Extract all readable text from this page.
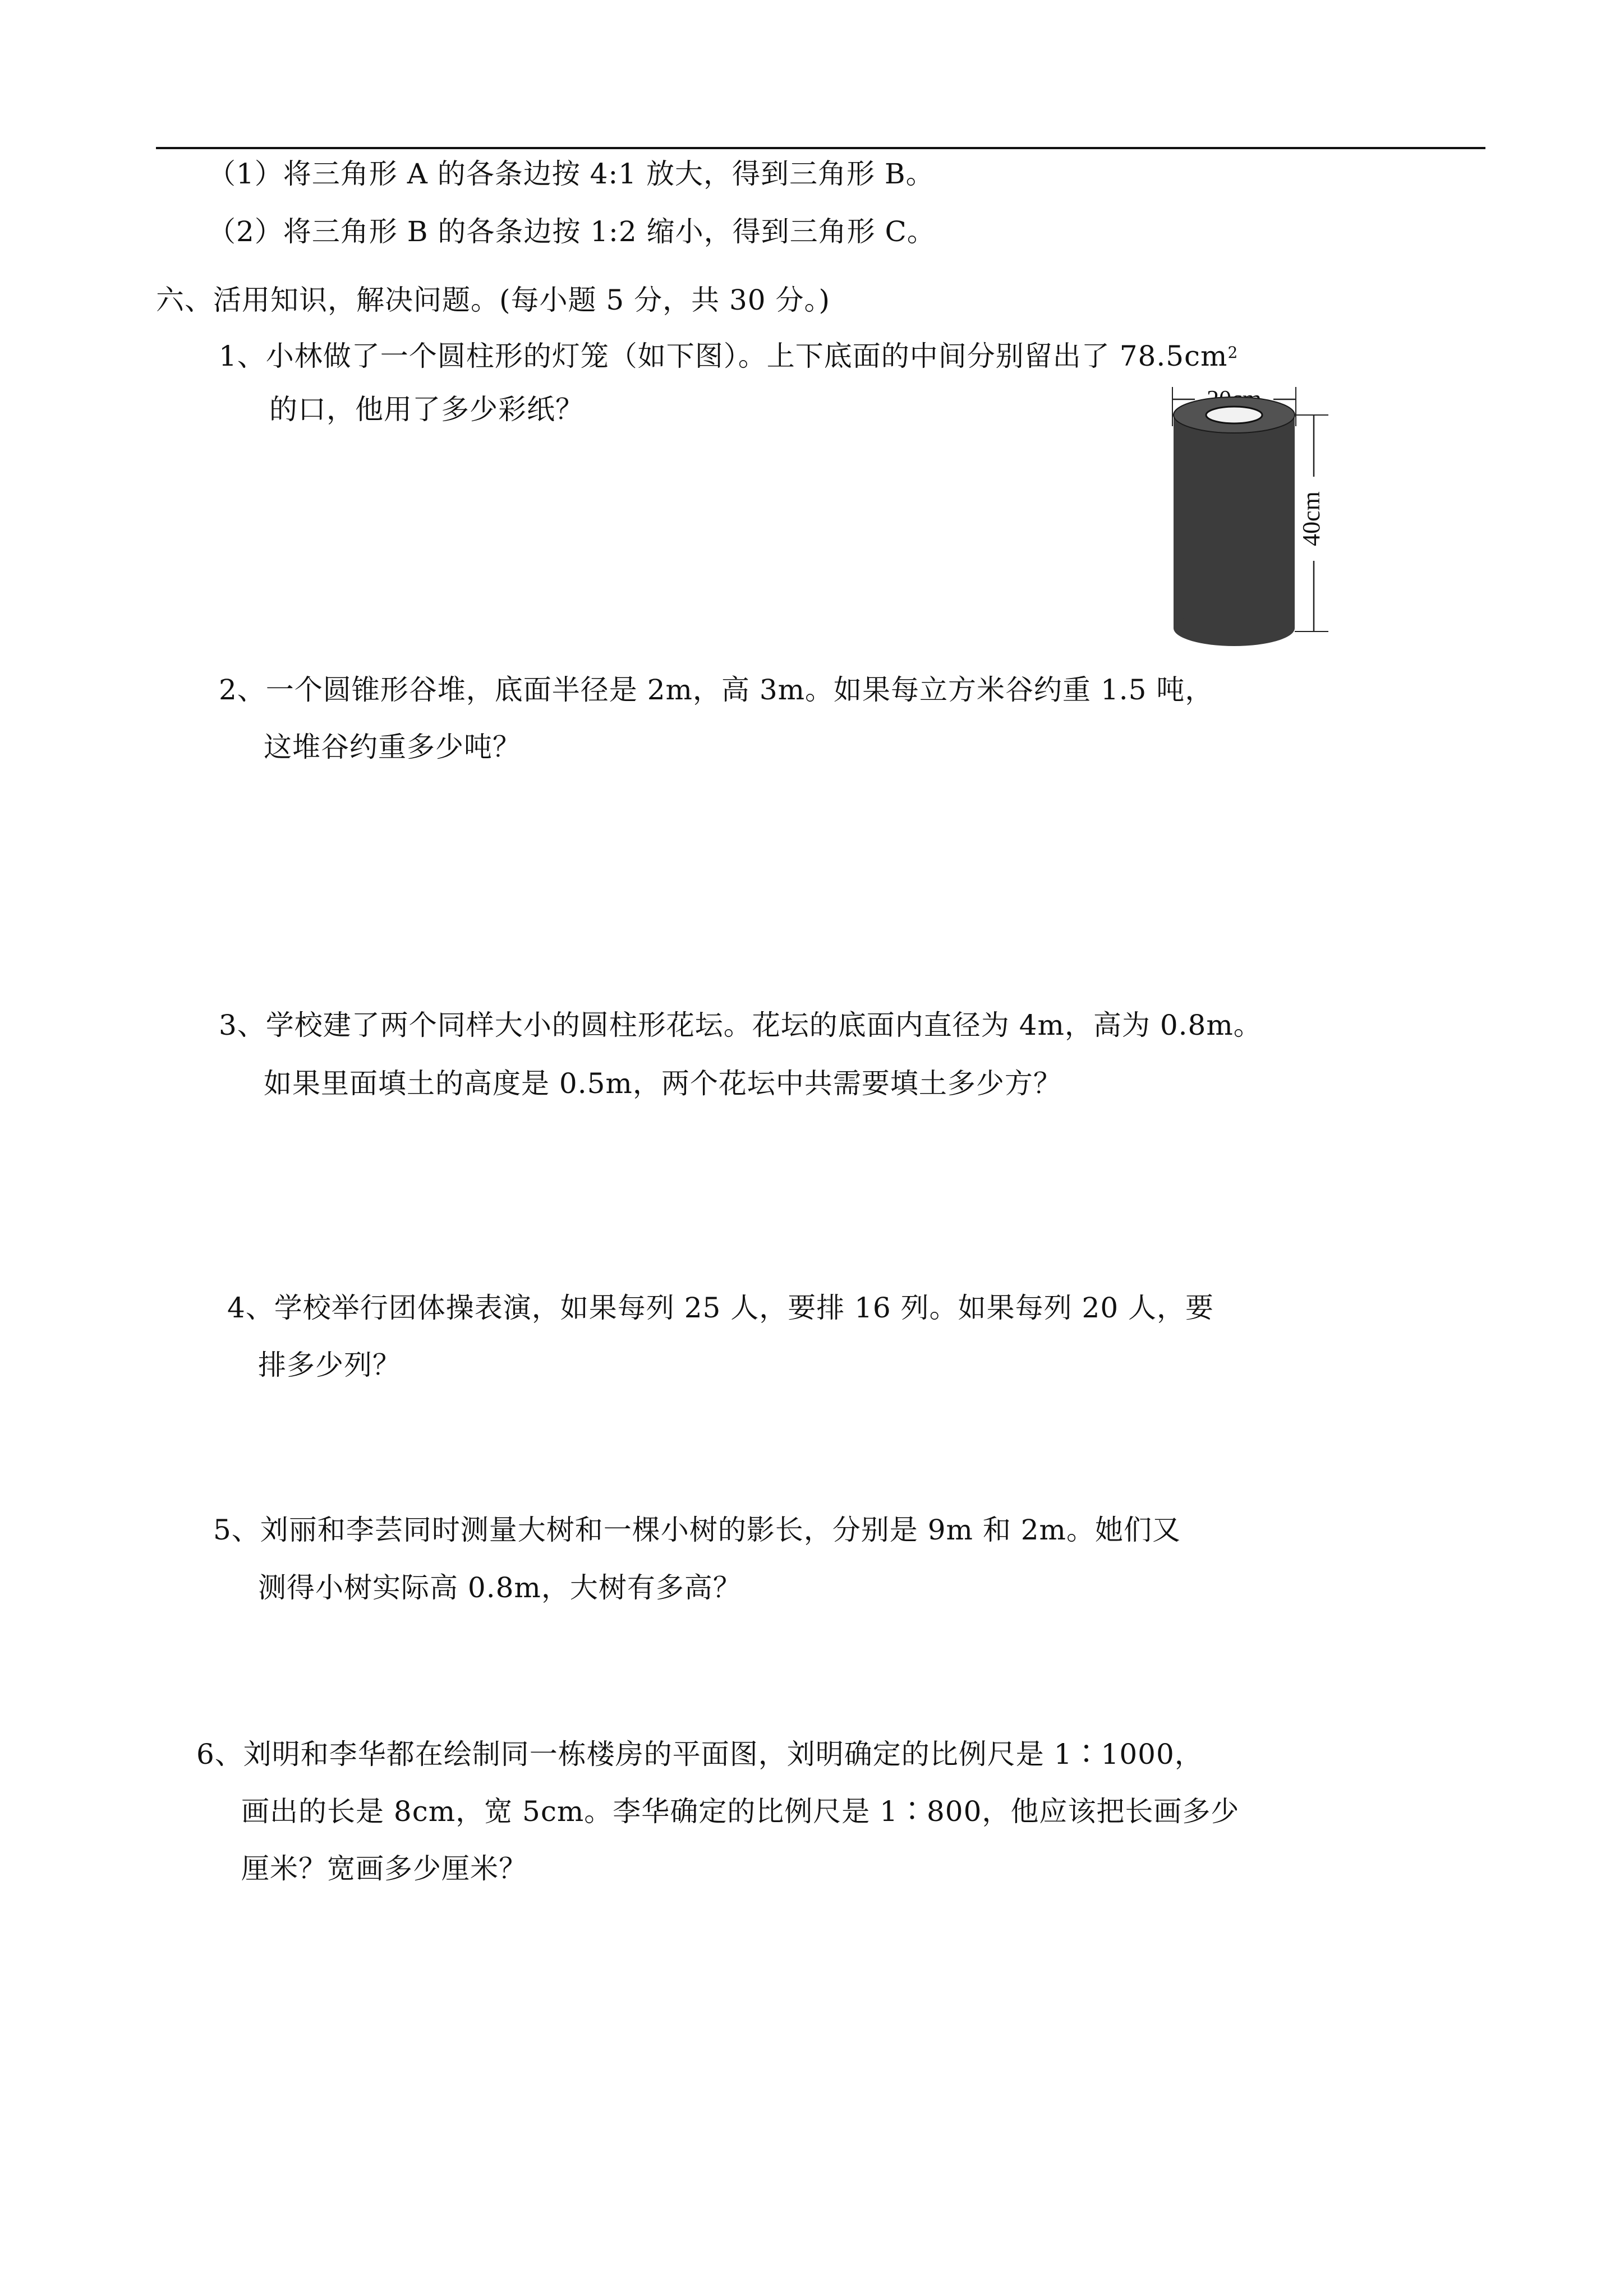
（1）将三角形 A 的各条边按 4:1 放大，得到三角形 B。
（2）将三角形 B 的各条边按 1:2 缩小，得到三角形 C。
六、活用知识，解决问题。(每小题 5 分，共 30 分。)
1、小林做了一个圆柱形的灯笼（如下图）。上下底面的中间分别留出了 $78.5cm^2$
的口，他用了多少彩纸？
40cm
2、一个圆锥形谷堆，底面半径是 2m，高 3m。如果每立方米谷约重 1.5 吨，
这堆谷约重多少吨？
3、学校建了两个同样大小的圆柱形花坛。花坛的底面内直径为 4m，高为 0.8m。
如果里面填土的高度是 0.5m，两个花坛中共需要填土多少方？
4、学校举行团体操表演，如果每列 25 人，要排 16 列。如果每列 20 人，要
排多少列？
5、刘丽和李芸同时测量大树和一棵小树的影长，分别是 9m 和 2m。她们又
测得小树实际高 0.8m，大树有多高？
6、刘明和李华都在绘制同一栋楼房的平面图，刘明确定的比例尺是 1∶1000，
画出的长是 8cm，宽 5cm。李华确定的比例尺是 1∶800，他应该把长画多少
厘米？宽画多少厘米？
